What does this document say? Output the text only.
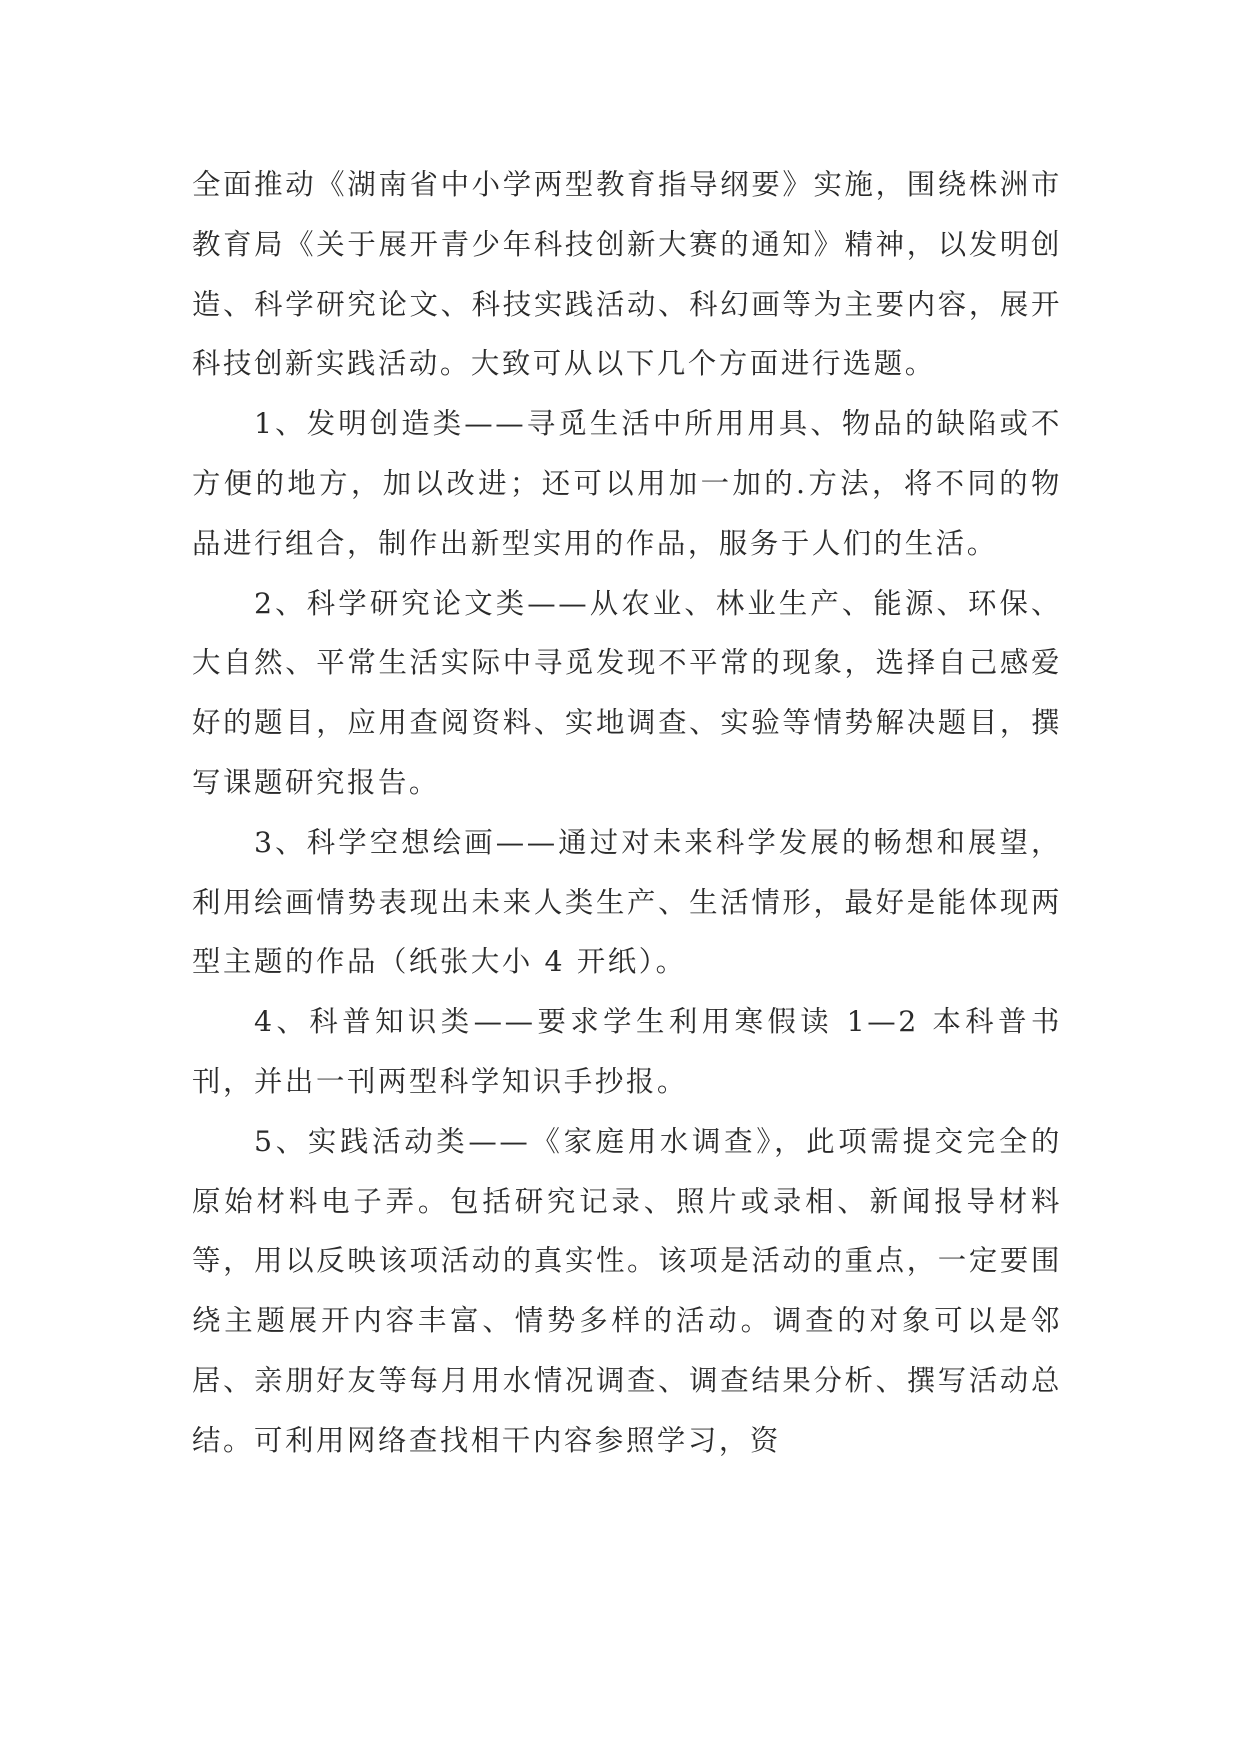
全面推动《湖南省中小学两型教育指导纲要》实施，围绕株洲市教育局《关于展开青少年科技创新大赛的通知》精神，以发明创造、科学研究论文、科技实践活动、科幻画等为主要内容，展开科技创新实践活动。大致可从以下几个方面进行选题。

1、发明创造类——寻觅生活中所用用具、物品的缺陷或不方便的地方，加以改进；还可以用加一加的.方法，将不同的物品进行组合，制作出新型实用的作品，服务于人们的生活。

2、科学研究论文类——从农业、林业生产、能源、环保、大自然、平常生活实际中寻觅发现不平常的现象，选择自己感爱好的题目，应用查阅资料、实地调查、实验等情势解决题目，撰写课题研究报告。

3、科学空想绘画——通过对未来科学发展的畅想和展望，利用绘画情势表现出未来人类生产、生活情形，最好是能体现两型主题的作品（纸张大小 4 开纸）。

4、科普知识类——要求学生利用寒假读 1—2 本科普书刊，并出一刊两型科学知识手抄报。

5、实践活动类——《家庭用水调查》，此项需提交完全的原始材料电子弄。包括研究记录、照片或录相、新闻报导材料等，用以反映该项活动的真实性。该项是活动的重点，一定要围绕主题展开内容丰富、情势多样的活动。调查的对象可以是邻居、亲朋好友等每月用水情况调查、调查结果分析、撰写活动总结。可利用网络查找相干内容参照学习，资
